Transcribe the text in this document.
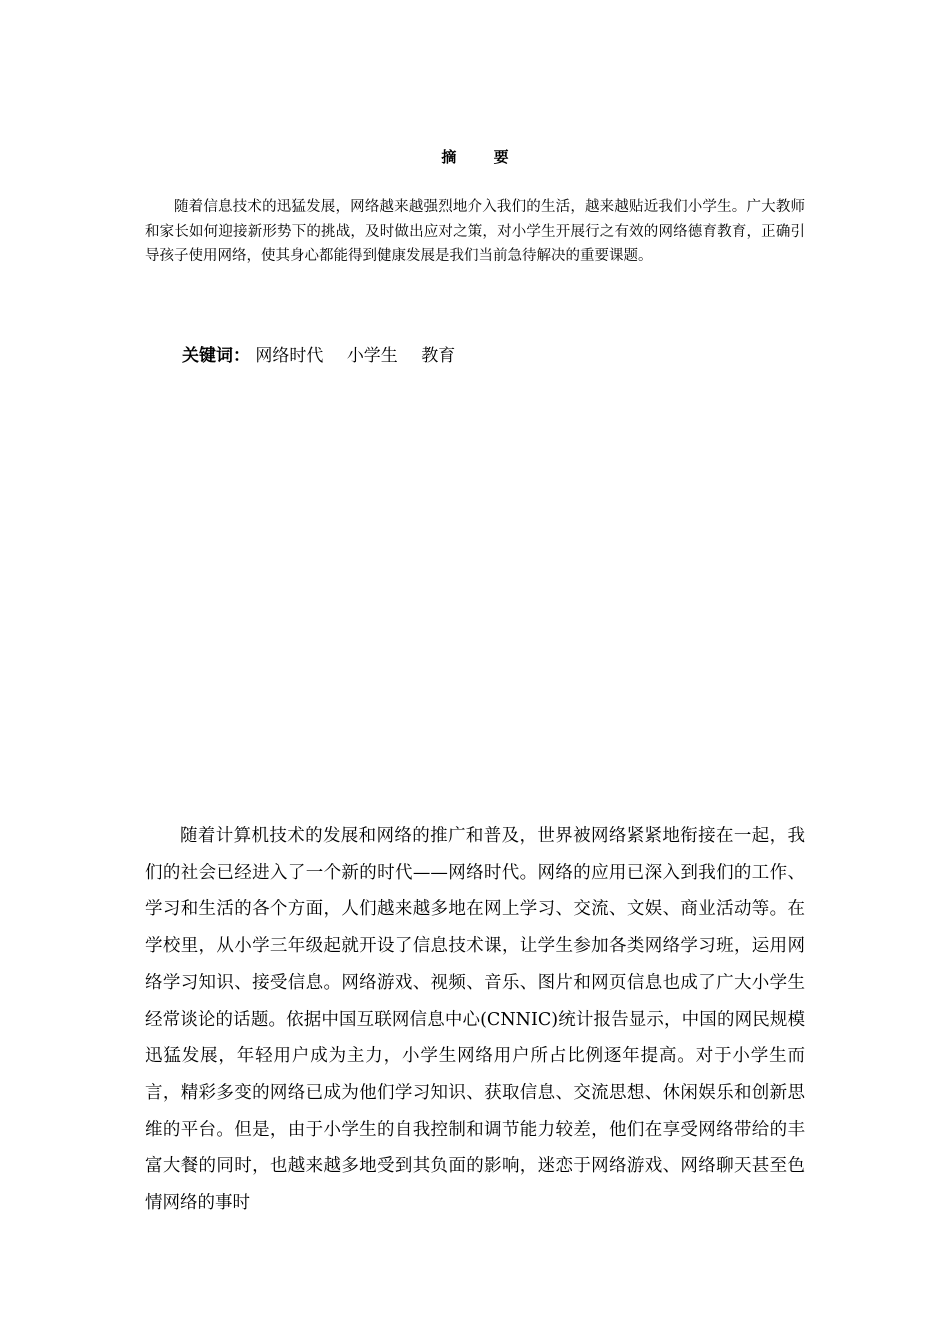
摘 要

随着信息技术的迅猛发展，网络越来越强烈地介入我们的生活，越来越贴近我们小学生。广大教师和家长如何迎接新形势下的挑战，及时做出应对之策，对小学生开展行之有效的网络德育教育，正确引导孩子使用网络，使其身心都能得到健康发展是我们当前急待解决的重要课题。

关键词： 网络时代 小学生 教育

随着计算机技术的发展和网络的推广和普及，世界被网络紧紧地衔接在一起，我们的社会已经进入了一个新的时代——网络时代。网络的应用已深入到我们的工作、学习和生活的各个方面，人们越来越多地在网上学习、交流、文娱、商业活动等。在学校里，从小学三年级起就开设了信息技术课，让学生参加各类网络学习班，运用网络学习知识、接受信息。网络游戏、视频、音乐、图片和网页信息也成了广大小学生经常谈论的话题。依据中国互联网信息中心(CNNIC)统计报告显示，中国的网民规模迅猛发展，年轻用户成为主力，小学生网络用户所占比例逐年提高。对于小学生而言，精彩多变的网络已成为他们学习知识、获取信息、交流思想、休闲娱乐和创新思维的平台。但是，由于小学生的自我控制和调节能力较差，他们在享受网络带给的丰富大餐的同时，也越来越多地受到其负面的影响，迷恋于网络游戏、网络聊天甚至色情网络的事时
